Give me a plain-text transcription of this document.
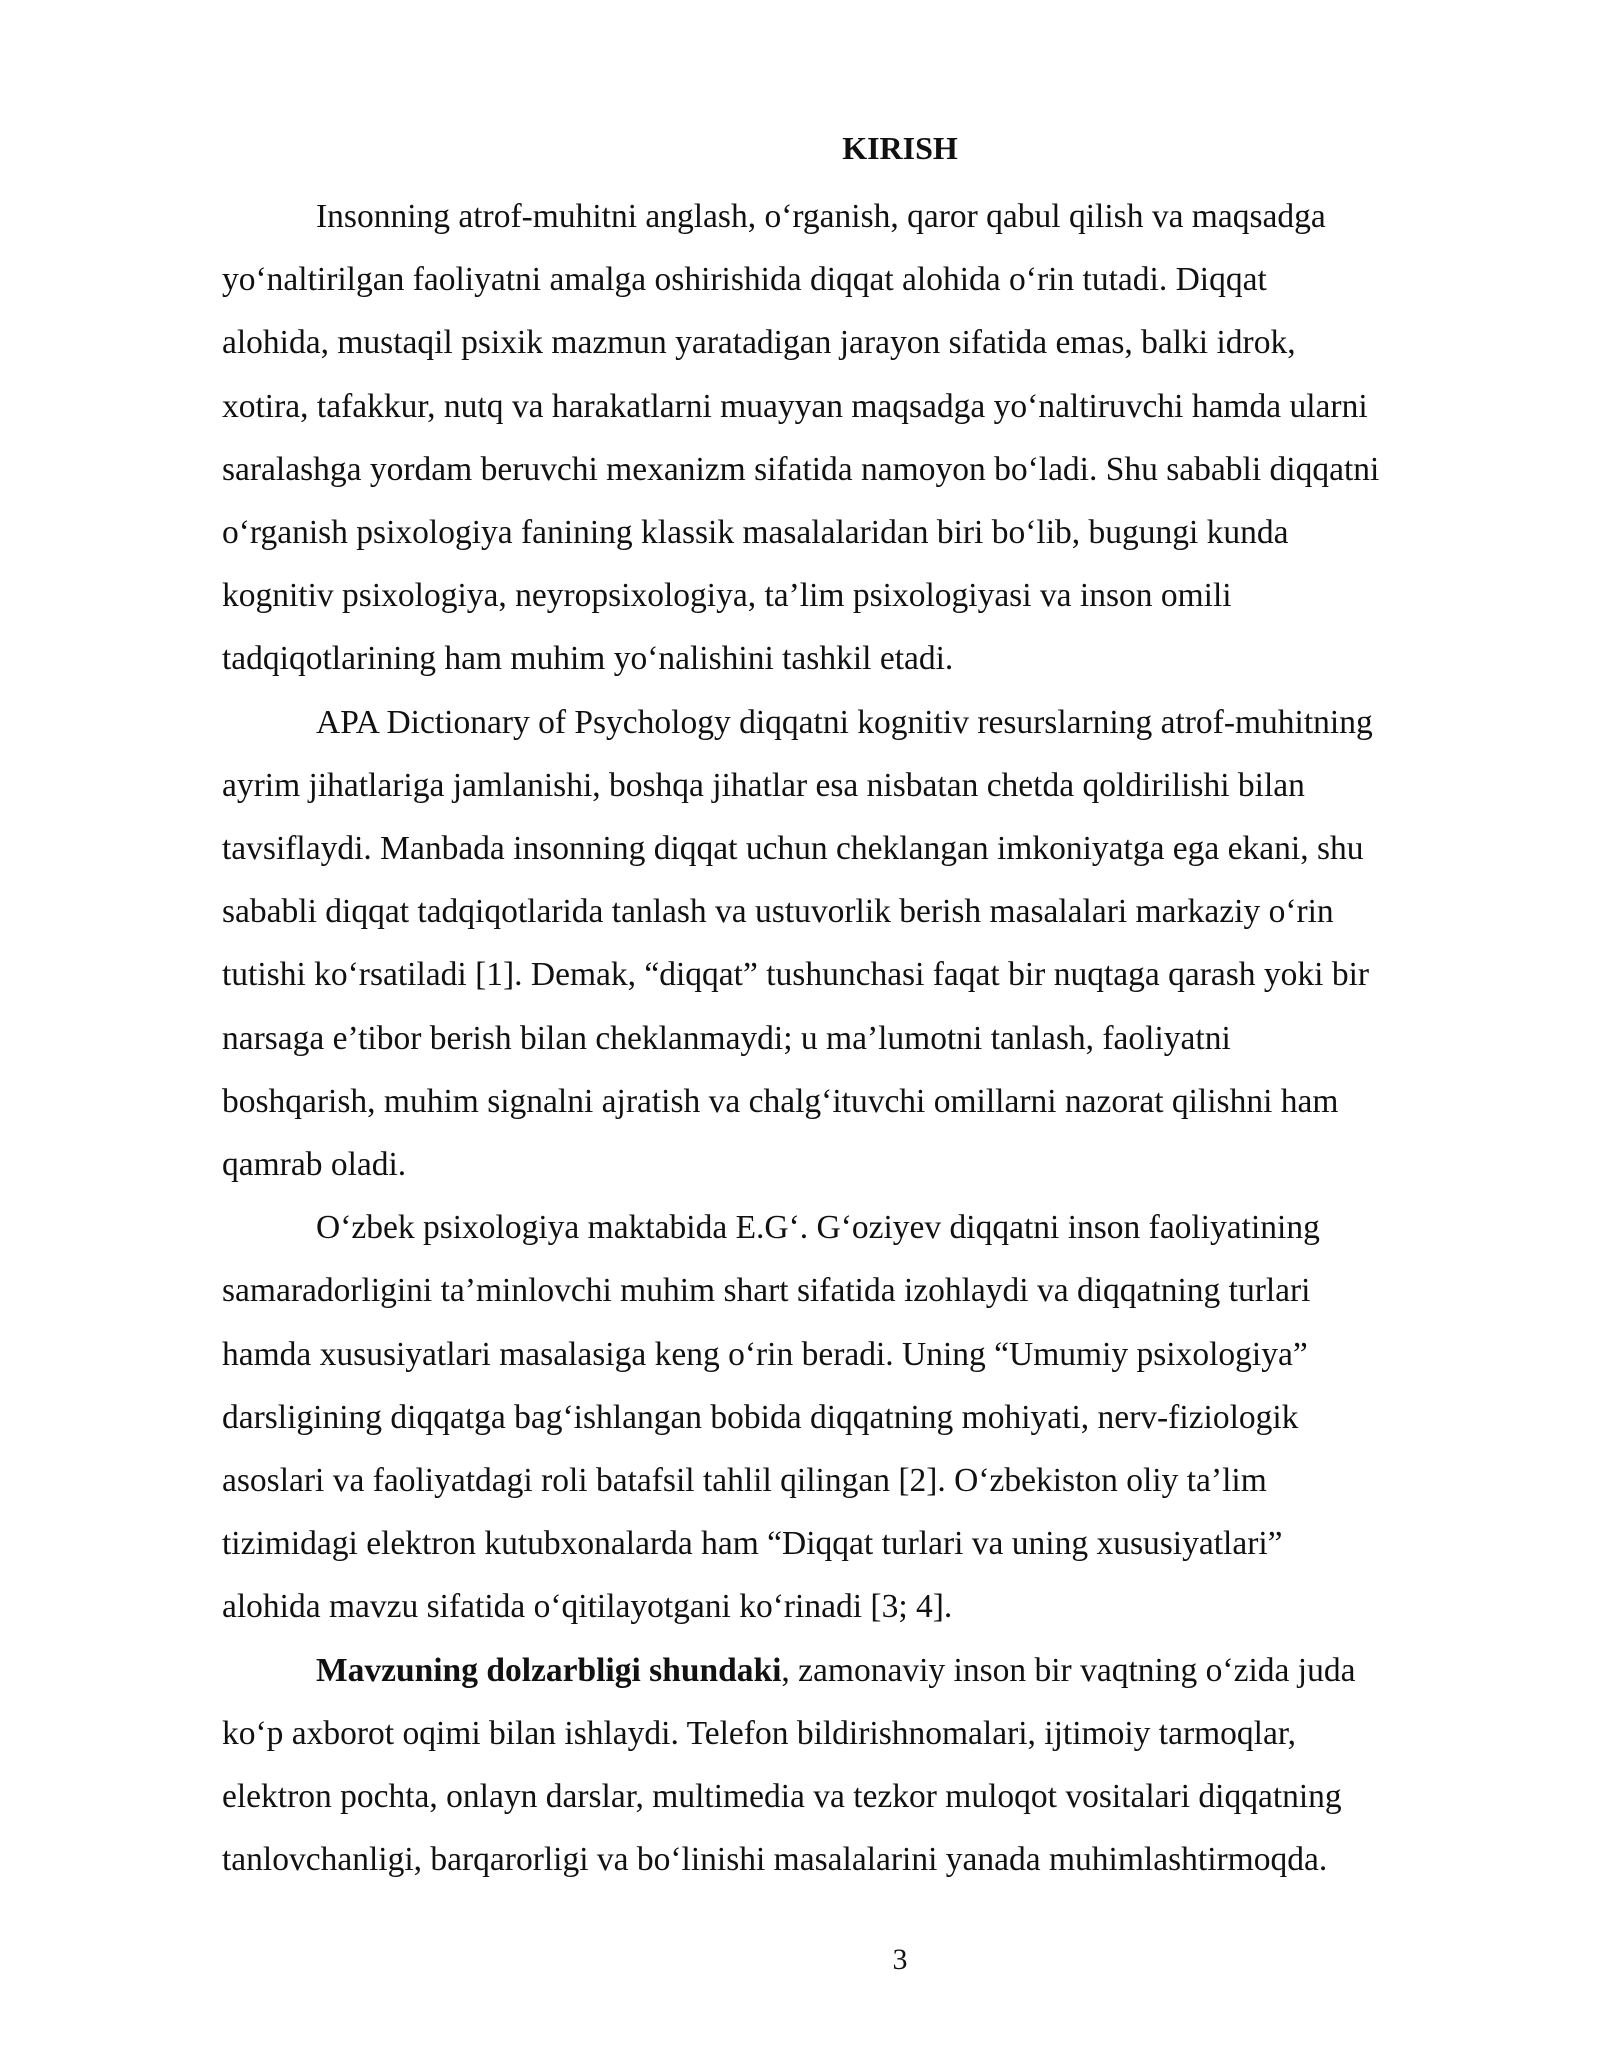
KIRISH

Insonning atrof-muhitni anglash, o‘rganish, qaror qabul qilish va maqsadga
yo‘naltirilgan faoliyatni amalga oshirishida diqqat alohida o‘rin tutadi. Diqqat
alohida, mustaqil psixik mazmun yaratadigan jarayon sifatida emas, balki idrok,
xotira, tafakkur, nutq va harakatlarni muayyan maqsadga yo‘naltiruvchi hamda ularni
saralashga yordam beruvchi mexanizm sifatida namoyon bo‘ladi. Shu sababli diqqatni
o‘rganish psixologiya fanining klassik masalalaridan biri bo‘lib, bugungi kunda
kognitiv psixologiya, neyropsixologiya, ta’lim psixologiyasi va inson omili
tadqiqotlarining ham muhim yo‘nalishini tashkil etadi.

APA Dictionary of Psychology diqqatni kognitiv resurslarning atrof-muhitning
ayrim jihatlariga jamlanishi, boshqa jihatlar esa nisbatan chetda qoldirilishi bilan
tavsiflaydi. Manbada insonning diqqat uchun cheklangan imkoniyatga ega ekani, shu
sababli diqqat tadqiqotlarida tanlash va ustuvorlik berish masalalari markaziy o‘rin
tutishi ko‘rsatiladi [1]. Demak, “diqqat” tushunchasi faqat bir nuqtaga qarash yoki bir
narsaga e’tibor berish bilan cheklanmaydi; u ma’lumotni tanlash, faoliyatni
boshqarish, muhim signalni ajratish va chalg‘ituvchi omillarni nazorat qilishni ham
qamrab oladi.

O‘zbek psixologiya maktabida E.G‘. G‘oziyev diqqatni inson faoliyatining
samaradorligini ta’minlovchi muhim shart sifatida izohlaydi va diqqatning turlari
hamda xususiyatlari masalasiga keng o‘rin beradi. Uning “Umumiy psixologiya”
darsligining diqqatga bag‘ishlangan bobida diqqatning mohiyati, nerv-fiziologik
asoslari va faoliyatdagi roli batafsil tahlil qilingan [2]. O‘zbekiston oliy ta’lim
tizimidagi elektron kutubxonalarda ham “Diqqat turlari va uning xususiyatlari”
alohida mavzu sifatida o‘qitilayotgani ko‘rinadi [3; 4].

Mavzuning dolzarbligi shundaki, zamonaviy inson bir vaqtning o‘zida juda
ko‘p axborot oqimi bilan ishlaydi. Telefon bildirishnomalari, ijtimoiy tarmoqlar,
elektron pochta, onlayn darslar, multimedia va tezkor muloqot vositalari diqqatning
tanlovchanligi, barqarorligi va bo‘linishi masalalarini yanada muhimlashtirmoqda.

3
